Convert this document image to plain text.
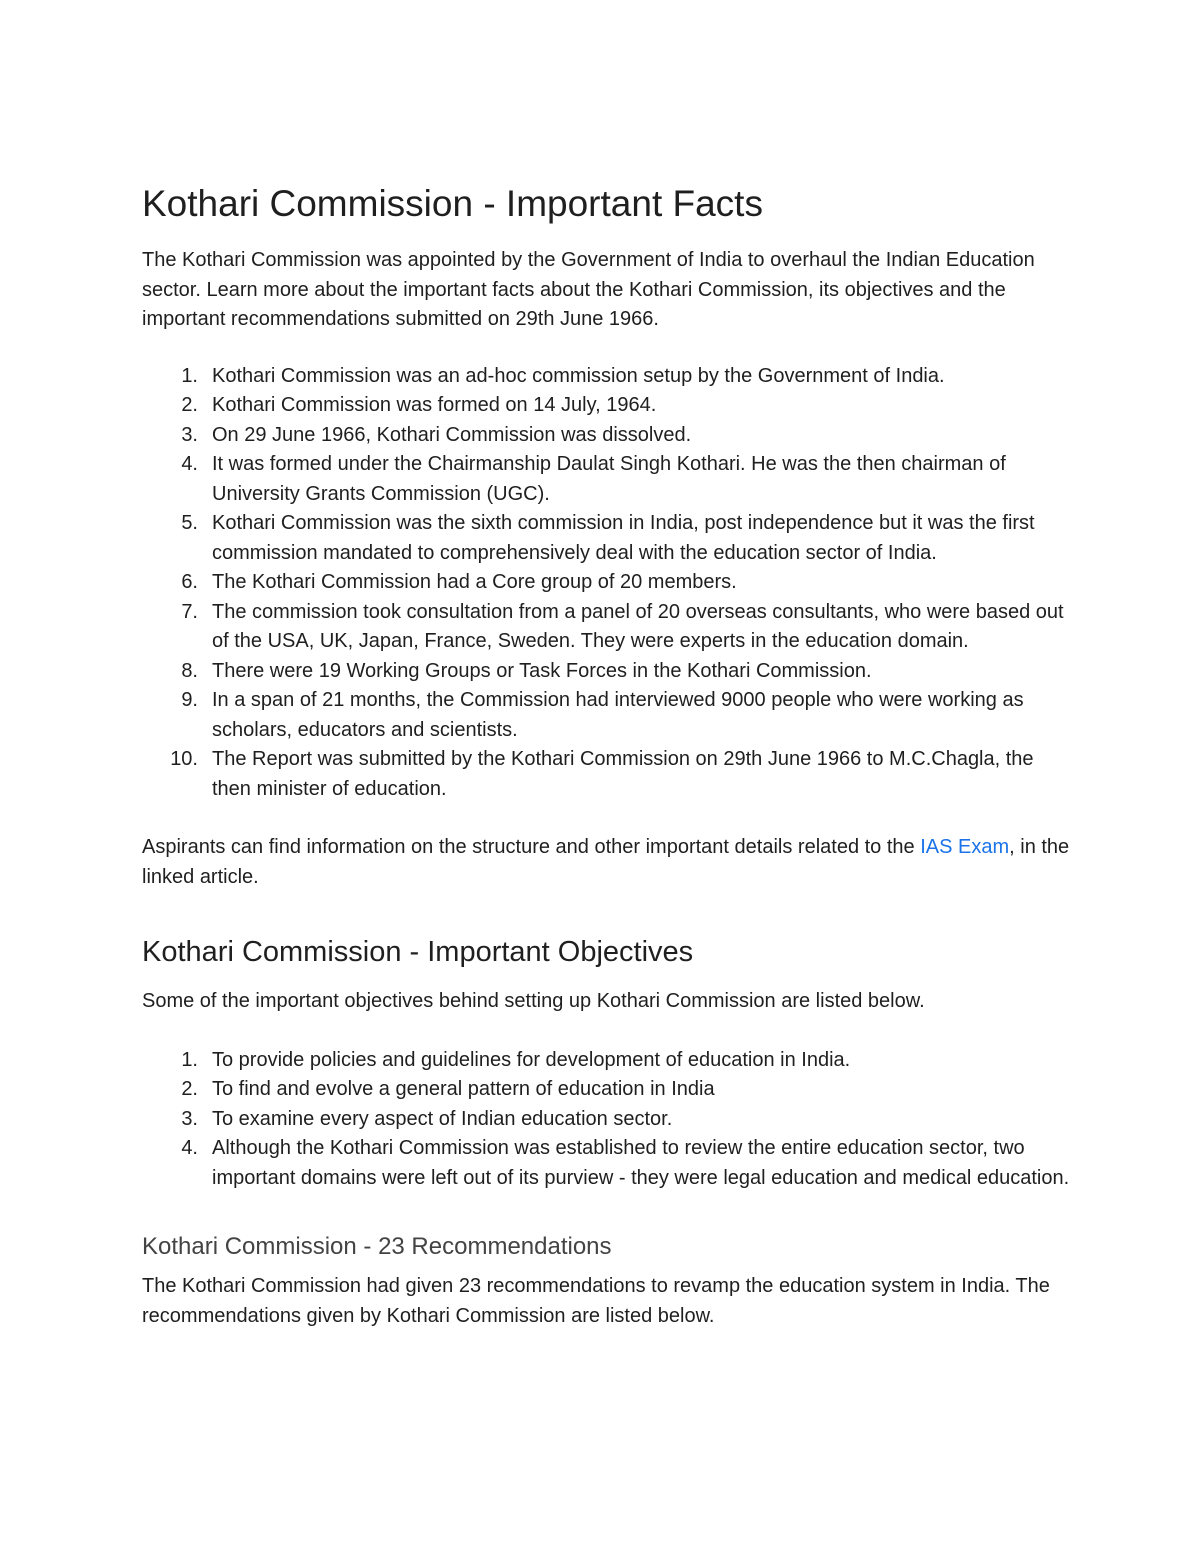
Kothari Commission - Important Facts

The Kothari Commission was appointed by the Government of India to overhaul the Indian Education sector. Learn more about the important facts about the Kothari Commission, its objectives and the important recommendations submitted on 29th June 1966.

1. Kothari Commission was an ad-hoc commission setup by the Government of India.
2. Kothari Commission was formed on 14 July, 1964.
3. On 29 June 1966, Kothari Commission was dissolved.
4. It was formed under the Chairmanship Daulat Singh Kothari. He was the then chairman of University Grants Commission (UGC).
5. Kothari Commission was the sixth commission in India, post independence but it was the first commission mandated to comprehensively deal with the education sector of India.
6. The Kothari Commission had a Core group of 20 members.
7. The commission took consultation from a panel of 20 overseas consultants, who were based out of the USA, UK, Japan, France, Sweden. They were experts in the education domain.
8. There were 19 Working Groups or Task Forces in the Kothari Commission.
9. In a span of 21 months, the Commission had interviewed 9000 people who were working as scholars, educators and scientists.
10. The Report was submitted by the Kothari Commission on 29th June 1966 to M.C.Chagla, the then minister of education.

Aspirants can find information on the structure and other important details related to the IAS Exam, in the linked article.

Kothari Commission - Important Objectives

Some of the important objectives behind setting up Kothari Commission are listed below.

1. To provide policies and guidelines for development of education in India.
2. To find and evolve a general pattern of education in India
3. To examine every aspect of Indian education sector.
4. Although the Kothari Commission was established to review the entire education sector, two important domains were left out of its purview - they were legal education and medical education.
Kothari Commission - 23 Recommendations

The Kothari Commission had given 23 recommendations to revamp the education system in India. The recommendations given by Kothari Commission are listed below.
